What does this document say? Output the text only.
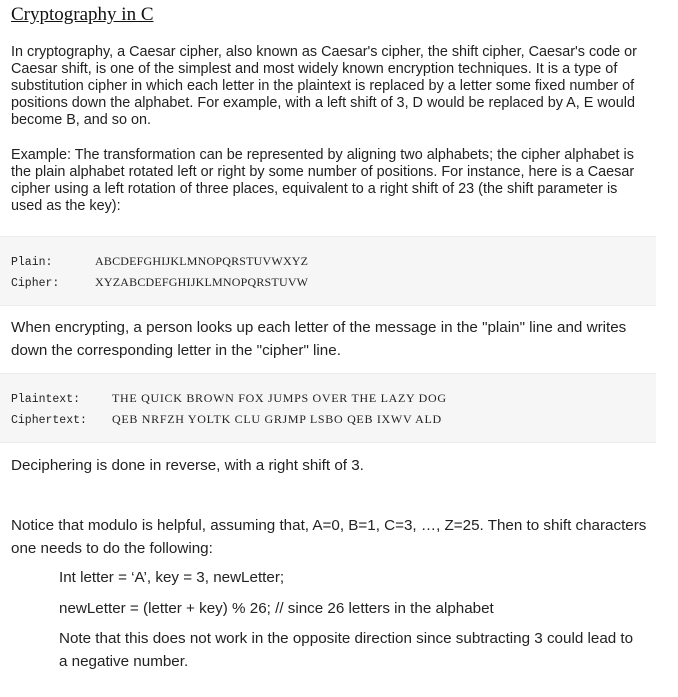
Cryptography in C

In cryptography, a Caesar cipher, also known as Caesar's cipher, the shift cipher, Caesar's code or Caesar shift, is one of the simplest and most widely known encryption techniques. It is a type of substitution cipher in which each letter in the plaintext is replaced by a letter some fixed number of positions down the alphabet. For example, with a left shift of 3, D would be replaced by A, E would become B, and so on.

Example: The transformation can be represented by aligning two alphabets; the cipher alphabet is the plain alphabet rotated left or right by some number of positions. For instance, here is a Caesar cipher using a left rotation of three places, equivalent to a right shift of 23 (the shift parameter is used as the key):

Plain:	ABCDEFGHIJKLMNOPQRSTUVWXYZ
Cipher:	XYZABCDEFGHIJKLMNOPQRSTUVW

When encrypting, a person looks up each letter of the message in the "plain" line and writes down the corresponding letter in the "cipher" line.

Plaintext:	THE QUICK BROWN FOX JUMPS OVER THE LAZY DOG
Ciphertext: QEB NRFZH YOLTK CLU GRJMP LSBO QEB IXWV ALD

Deciphering is done in reverse, with a right shift of 3.

Notice that modulo is helpful, assuming that, A=0, B=1, C=3, …, Z=25. Then to shift characters one needs to do the following:

Int letter = ‘A’, key = 3, newLetter;

newLetter = (letter + key) % 26; // since 26 letters in the alphabet

Note that this does not work in the opposite direction since subtracting 3 could lead to a negative number.
